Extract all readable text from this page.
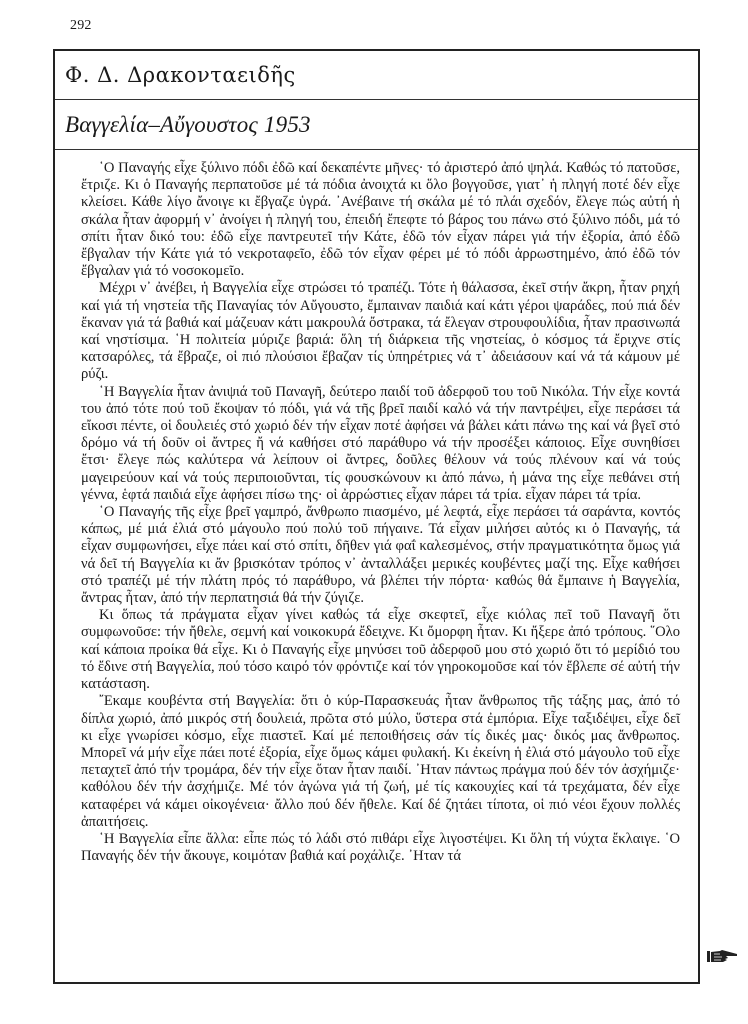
292
Φ. Δ. Δρακονταειδῆς
Βαγγελία–Αὔγουστος 1953

῾Ο Παναγής εἶχε ξύλινο πόδι ἐδῶ καί δεκαπέντε μῆνες· τό ἀριστερό ἀπό ψηλά. Καθώς τό πατοῦσε, ἔτριζε. Κι ὁ Παναγής περπατοῦσε μέ τά πόδια ἀνοιχτά κι ὅλο βογγοῦσε, γιατ᾽ ἡ πληγή ποτέ δέν εἶχε κλείσει. Κάθε λίγο ἄνοιγε κι ἔβγαζε ὑγρά. ᾽Ανέβαινε τή σκάλα μέ τό πλάι σχεδόν, ἔλεγε πώς αὐτή ἡ σκάλα ἦταν ἀφορμή ν᾽ ἀνοίγει ἡ πληγή του, ἐπειδή ἔπεφτε τό βάρος του πάνω στό ξύλινο πόδι, μά τό σπίτι ἦταν δικό του: ἐδῶ εἶχε παντρευτεῖ τήν Κάτε, ἐδῶ τόν εἶχαν πάρει γιά τήν ἐξορία, ἀπό ἐδῶ ἔβγαλαν τήν Κάτε γιά τό νεκροταφεῖο, ἐδῶ τόν εἶχαν φέρει μέ τό πόδι ἀρρωστημένο, ἀπό ἐδῶ τόν ἔβγαλαν γιά τό νοσοκομεῖο.

Μέχρι ν᾽ ἀνέβει, ἡ Βαγγελία εἶχε στρώσει τό τραπέζι. Τότε ἡ θάλασσα, ἐκεῖ στήν ἄκρη, ἦταν ρηχή καί γιά τή νηστεία τῆς Παναγίας τόν Αὔγουστο, ἔμπαιναν παιδιά καί κάτι γέροι ψαράδες, πού πιά δέν ἔκαναν γιά τά βαθιά καί μάζευαν κάτι μακρουλά ὄστρακα, τά ἔλεγαν στρουφουλίδια, ἦταν πρασινωπά καί νηστίσιμα. ῾Η πολιτεία μύριζε βαριά: ὅλη τή διάρκεια τῆς νηστείας, ὁ κόσμος τά ἔριχνε στίς κατσαρόλες, τά ἔβραζε, οἱ πιό πλούσιοι ἔβαζαν τίς ὑπηρέτριες νά τ᾽ ἀδειάσουν καί νά τά κάμουν μέ ρύζι.

῾Η Βαγγελία ἦταν ἀνιψιά τοῦ Παναγῆ, δεύτερο παιδί τοῦ ἀδερφοῦ του τοῦ Νικόλα. Τήν εἶχε κοντά του ἀπό τότε πού τοῦ ἔκοψαν τό πόδι, γιά νά τῆς βρεῖ παιδί καλό νά τήν παντρέψει, εἶχε περάσει τά εἴκοσι πέντε, οἱ δουλειές στό χωριό δέν τήν εἶχαν ποτέ ἀφήσει νά βάλει κάτι πάνω της καί νά βγεῖ στό δρόμο νά τή δοῦν οἱ ἄντρες ἤ νά καθήσει στό παράθυρο νά τήν προσέξει κάποιος. Εἶχε συνηθίσει ἔτσι· ἔλεγε πώς καλύτερα νά λείπουν οἱ ἄντρες, δοῦλες θέλουν νά τούς πλένουν καί νά τούς μαγειρεύουν καί νά τούς περιποιοῦνται, τίς φουσκώνουν κι ἀπό πάνω, ἡ μάνα της εἶχε πεθάνει στή γέννα, ἑφτά παιδιά εἶχε ἀφήσει πίσω της· οἱ ἀρρώστιες εἶχαν πάρει τά τρία. εἶχαν πάρει τά τρία.

῾Ο Παναγής τῆς εἶχε βρεῖ γαμπρό, ἄνθρωπο πιασμένο, μέ λεφτά, εἶχε περάσει τά σαράντα, κοντός κάπως, μέ μιά ἐλιά στό μάγουλο πού πολύ τοῦ πήγαινε. Τά εἶχαν μιλήσει αὐτός κι ὁ Παναγής, τά εἶχαν συμφωνήσει, εἶχε πάει καί στό σπίτι, δῆθεν γιά φαΐ καλεσμένος, στήν πραγματικότητα ὅμως γιά νά δεῖ τή Βαγγελία κι ἄν βρισκόταν τρόπος ν᾽ ἀνταλλάξει μερικές κουβέντες μαζί της. Εἶχε καθήσει στό τραπέζι μέ τήν πλάτη πρός τό παράθυρο, νά βλέπει τήν πόρτα· καθώς θά ἔμπαινε ἡ Βαγγελία, ἄντρας ἦταν, ἀπό τήν περπατησιά θά τήν ζύγιζε.

Κι ὅπως τά πράγματα εἶχαν γίνει καθώς τά εἶχε σκεφτεῖ, εἶχε κιόλας πεῖ τοῦ Παναγῆ ὅτι συμφωνοῦσε: τήν ἤθελε, σεμνή καί νοικοκυρά ἔδειχνε. Κι ὄμορφη ἦταν. Κι ἤξερε ἀπό τρόπους. ῞Ολο καί κάποια προίκα θά εἶχε. Κι ὁ Παναγής εἶχε μηνύσει τοῦ ἀδερφοῦ μου στό χωριό ὅτι τό μερίδιό του τό ἔδινε στή Βαγγελία, πού τόσο καιρό τόν φρόντιζε καί τόν γηροκομοῦσε καί τόν ἔβλεπε σέ αὐτή τήν κατάσταση.

῎Εκαμε κουβέντα στή Βαγγελία: ὅτι ὁ κύρ-Παρασκευάς ἦταν ἄνθρωπος τῆς τάξης μας, ἀπό τό δίπλα χωριό, ἀπό μικρός στή δουλειά, πρῶτα στό μύλο, ὕστερα στά ἐμπόρια. Εἶχε ταξιδέψει, εἶχε δεῖ κι εἶχε γνωρίσει κόσμο, εἶχε πιαστεῖ. Καί μέ πεποιθήσεις σάν τίς δικές μας· δικός μας ἄνθρωπος. Μπορεῖ νά μήν εἶχε πάει ποτέ ἐξορία, εἶχε ὅμως κάμει φυλακή. Κι ἐκείνη ἡ ἐλιά στό μάγουλο τοῦ εἶχε πεταχτεῖ ἀπό τήν τρομάρα, δέν τήν εἶχε ὅταν ἦταν παιδί. ᾽Ηταν πάντως πράγμα πού δέν τόν ἀσχήμιζε· καθόλου δέν τήν ἀσχήμιζε. Μέ τόν ἀγώνα γιά τή ζωή, μέ τίς κακουχίες καί τά τρεχάματα, δέν εἶχε καταφέρει νά κάμει οἰκογένεια· ἄλλο πού δέν ἤθελε. Καί δέ ζητάει τίποτα, οἱ πιό νέοι ἔχουν πολλές ἀπαιτήσεις.

῾Η Βαγγελία εἶπε ἄλλα: εἶπε πώς τό λάδι στό πιθάρι εἶχε λιγοστέψει. Κι ὅλη τή νύχτα ἔκλαιγε. ῾Ο Παναγής δέν τήν ἄκουγε, κοιμόταν βαθιά καί ροχάλιζε. ᾽Ηταν τά
